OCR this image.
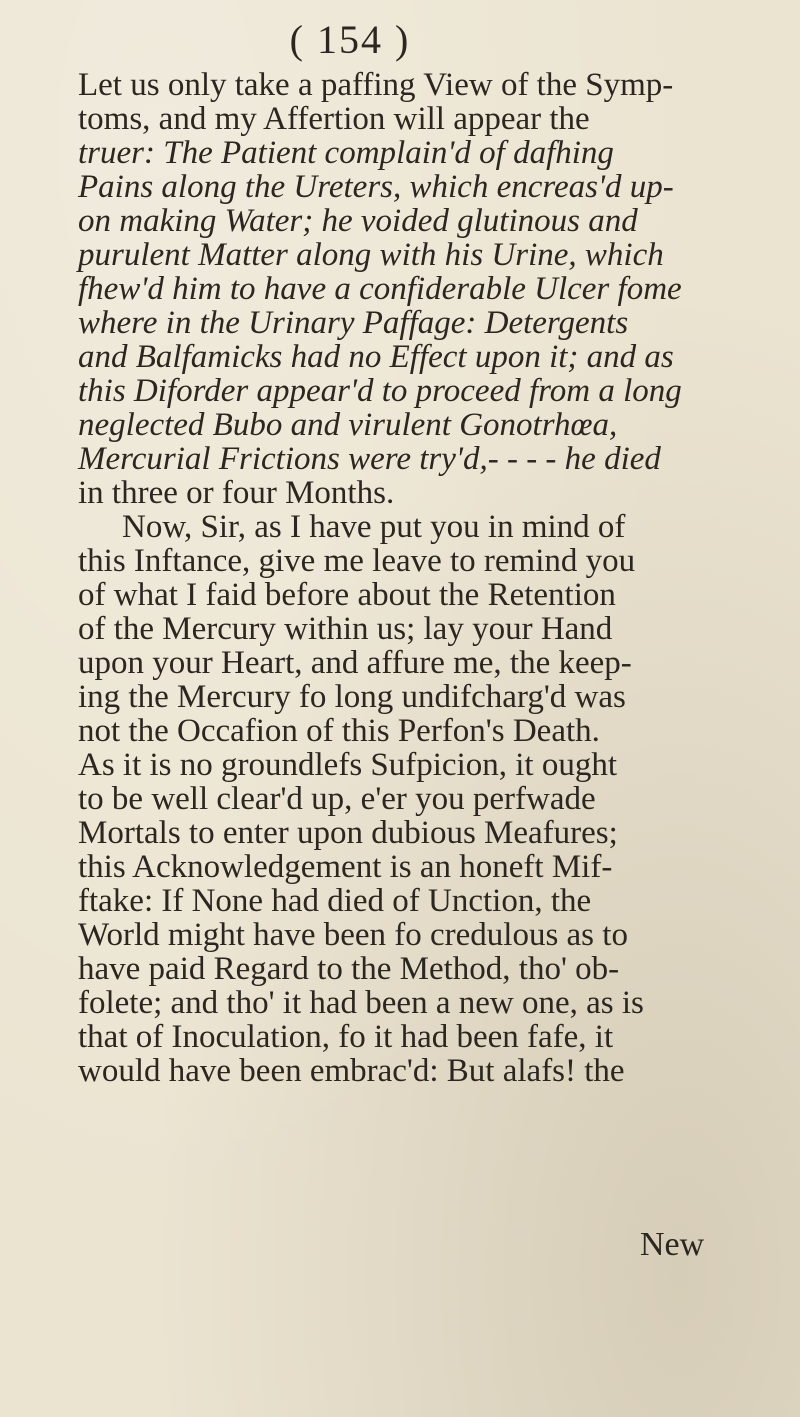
( 154 )
Let us only take a paffing View of the Symp-
toms, and my Affertion will appear the
truer: The Patient complain'd of dafhing
Pains along the Ureters, which encreas'd up-
on making Water; he voided glutinous and
purulent Matter along with his Urine, which
fhew'd him to have a confiderable Ulcer fome
where in the Urinary Paffage: Detergents
and Balfamicks had no Effect upon it; and as
this Diforder appear'd to proceed from a long
neglected Bubo and virulent Gonotrhœa,
Mercurial Frictions were try'd,- - - - he died
in three or four Months.
Now, Sir, as I have put you in mind of
this Inftance, give me leave to remind you
of what I faid before about the Retention
of the Mercury within us; lay your Hand
upon your Heart, and affure me, the keep-
ing the Mercury fo long undifcharg'd was
not the Occafion of this Perfon's Death.
As it is no groundlefs Sufpicion, it ought
to be well clear'd up, e'er you perfwade
Mortals to enter upon dubious Meafures;
this Acknowledgement is an honeft Mif-
ftake: If None had died of Unction, the
World might have been fo credulous as to
have paid Regard to the Method, tho' ob-
folete; and tho' it had been a new one, as is
that of Inoculation, fo it had been fafe, it
would have been embrac'd: But alafs! the
New
